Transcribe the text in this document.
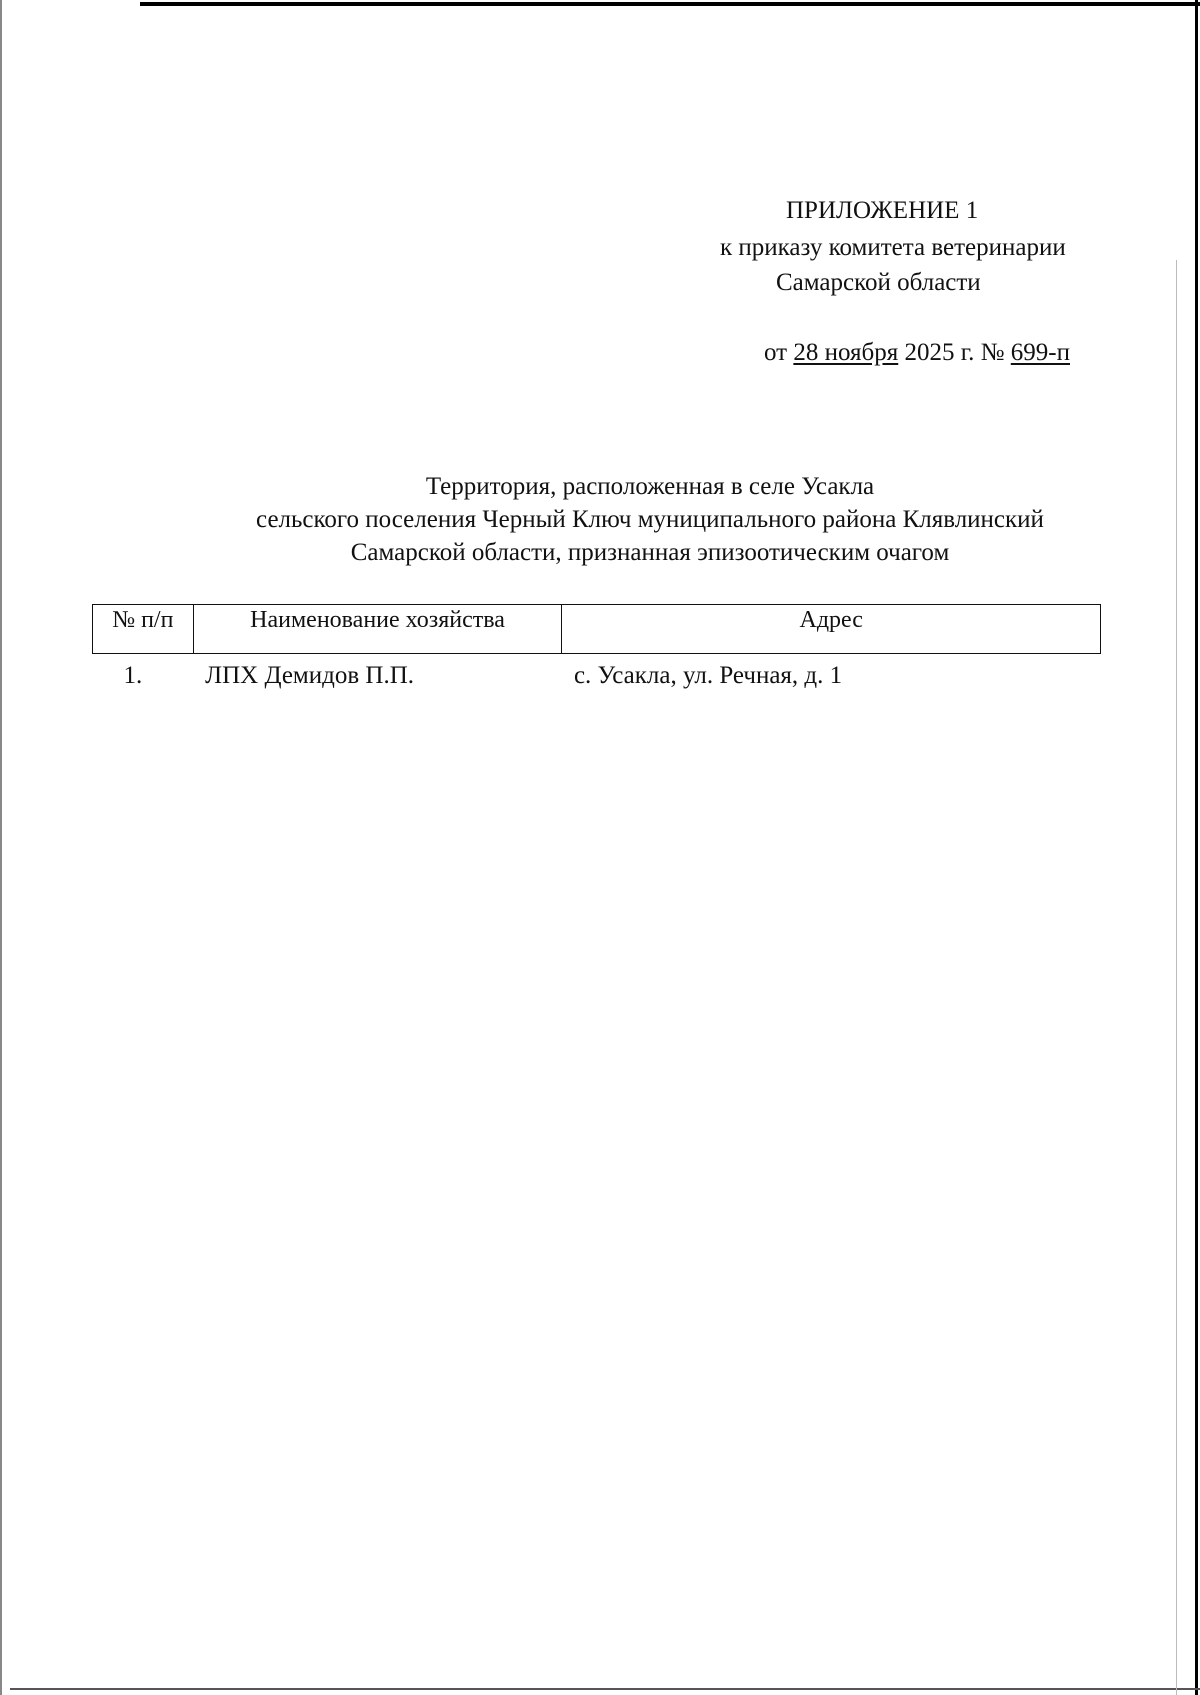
ПРИЛОЖЕНИЕ 1
к приказу комитета ветеринарии
Самарской области
от 28 ноября 2025 г. № 699-п
Территория, расположенная в селе Усакла
сельского поселения Черный Ключ муниципального района Клявлинский
Самарской области, признанная эпизоотическим очагом
№ п/п	Наименование хозяйства	Адрес
1.	ЛПХ Демидов П.П.	с. Усакла, ул. Речная, д. 1
